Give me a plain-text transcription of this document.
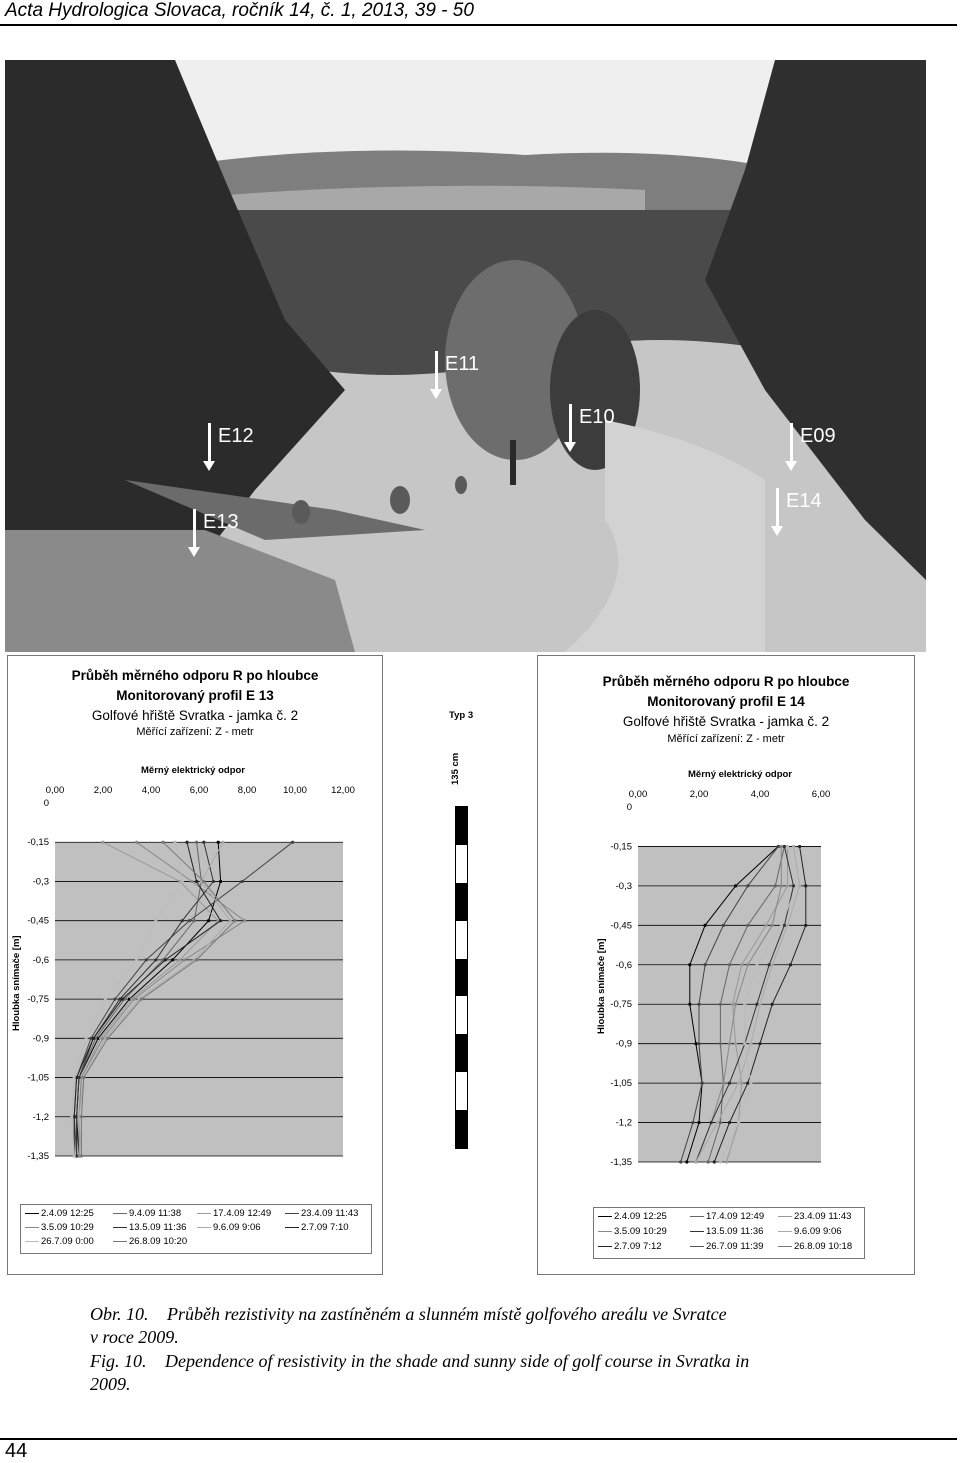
Acta Hydrologica Slovaca, ročník 14, č. 1, 2013, 39 - 50
E11
E12
E10
E09
E13
E14
Průběh měrného odporu R po hloubce
Monitorovaný profil E 13
Golfové hřiště Svratka - jamka č. 2
Měřící zařízení: Z - metr
Měrný elektrický odpor
Hloubka snímače [m]
0
-0,15
-0,3
-0,45
-0,6
-0,75
-0,9
-1,05
-1,2
-1,35
0,00	2,00	4,00	6,00	8,00	10,00	12,00
2.4.09 12:25	9.4.09 11:38	17.4.09 12:49	23.4.09 11:43
3.5.09 10:29	13.5.09 11:36	9.6.09 9:06	2.7.09 7:10
26.7.09 0:00	26.8.09 10:20
Typ 3
135 cm
Průběh měrného odporu R po hloubce
Monitorovaný profil E 14
Golfové hřiště Svratka - jamka č. 2
Měřící zařízení: Z - metr
Měrný elektrický odpor
Hloubka snímače [m]
0
-0,15
-0,3
-0,45
-0,6
-0,75
-0,9
-1,05
-1,2
-1,35
0,00	2,00	4,00	6,00
2.4.09 12:25	17.4.09 12:49	23.4.09 11:43
3.5.09 10:29	13.5.09 11:36	9.6.09 9:06
2.7.09 7:12	26.7.09 11:39	26.8.09 10:18
Obr. 10. Průběh rezistivity na zastíněném a slunném místě golfového areálu ve Svratce
v roce 2009.
Fig. 10. Dependence of resistivity in the shade and sunny side of golf course in Svratka in
2009.
44
